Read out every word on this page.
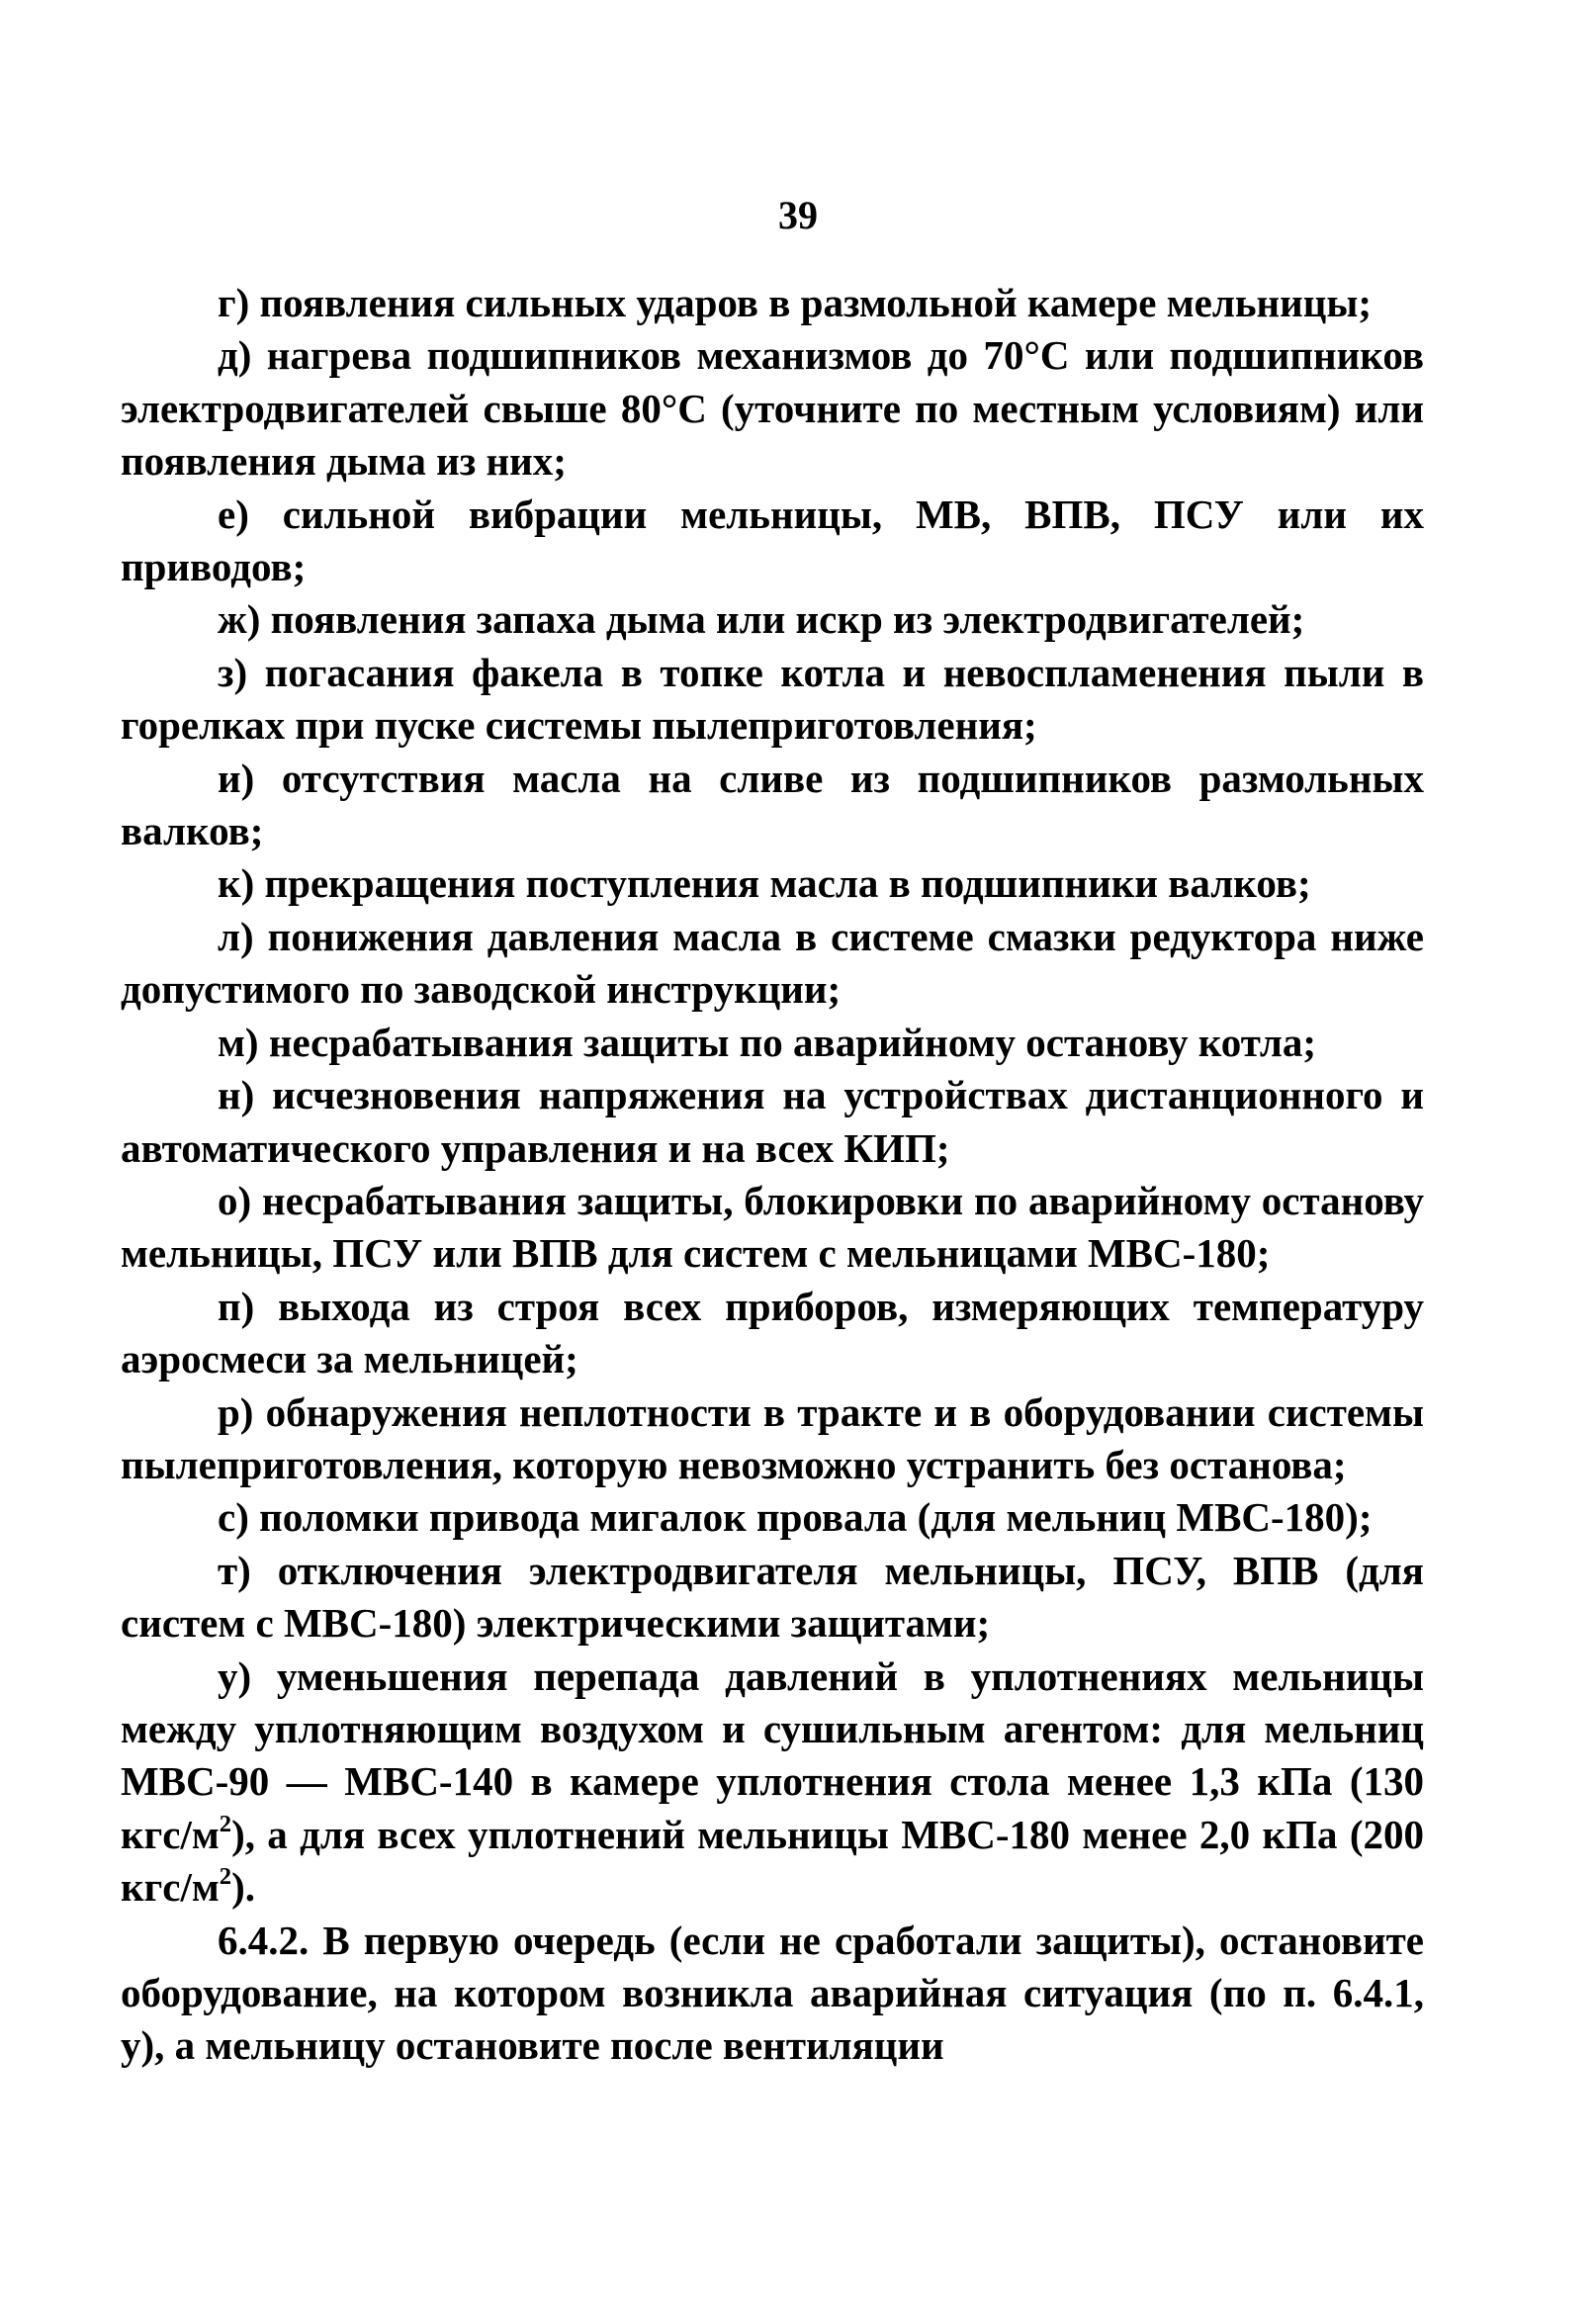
39

г) появления сильных ударов в размольной камере мельницы;

д) нагрева подшипников механизмов до 70°С или подшипников электродвигателей свыше 80°С (уточните по местным условиям) или появления дыма из них;

е) сильной вибрации мельницы, МВ, ВПВ, ПСУ или их приводов;

ж) появления запаха дыма или искр из электродвигателей;

з) погасания факела в топке котла и невоспламенения пыли в горелках при пуске системы пылеприготовления;

и) отсутствия масла на сливе из подшипников размольных валков;

к) прекращения поступления масла в подшипники валков;

л) понижения давления масла в системе смазки редуктора ниже допустимого по заводской инструкции;

м) несрабатывания защиты по аварийному останову котла;

н) исчезновения напряжения на устройствах дистанционного и автоматического управления и на всех КИП;

о) несрабатывания защиты, блокировки по аварийному останову мельницы, ПСУ или ВПВ для систем с мельницами МВС-180;

п) выхода из строя всех приборов, измеряющих температуру аэросмеси за мельницей;

р) обнаружения неплотности в тракте и в оборудовании системы пылеприготовления, которую невозможно устранить без останова;

с) поломки привода мигалок провала (для мельниц МВС-180);

т) отключения электродвигателя мельницы, ПСУ, ВПВ (для систем с МВС-180) электрическими защитами;

у) уменьшения перепада давлений в уплотнениях мельницы между уплотняющим воздухом и сушильным агентом: для мельниц МВС-90 — МВС-140 в камере уплотнения стола менее 1,3 кПа (130 кгс/$м^2$), а для всех уплотнений мельницы МВС-180 менее 2,0 кПа (200 кгс/$м^2$).

6.4.2. В первую очередь (если не сработали защиты), остановите оборудование, на котором возникла аварийная ситуация (по п. 6.4.1, у), а мельницу остановите после вентиляции
